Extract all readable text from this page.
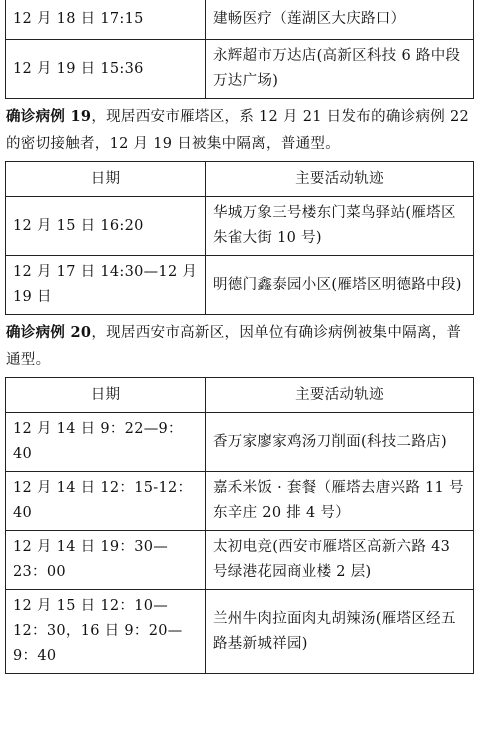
12 月 18 日 17:15	建畅医疗（莲湖区大庆路口）
12 月 19 日 15:36	永辉超市万达店(高新区科技 6 路中段万达广场)

确诊病例 19，现居西安市雁塔区，系 12 月 21 日发布的确诊病例 22 的密切接触者，12 月 19 日被集中隔离，普通型。

日期	主要活动轨迹
12 月 15 日 16:20	华城万象三号楼东门菜鸟驿站(雁塔区朱雀大街 10 号)
12 月 17 日 14:30—12 月 19 日	明德门鑫泰园小区(雁塔区明德路中段)

确诊病例 20，现居西安市高新区，因单位有确诊病例被集中隔离，普通型。

日期	主要活动轨迹
12 月 14 日 9：22—9：40	香万家廖家鸡汤刀削面(科技二路店)
12 月 14 日 12：15-12：40	嘉禾米饭 · 套餐（雁塔去唐兴路 11 号东辛庄 20 排 4 号）
12 月 14 日 19：30—23：00	太初电竞(西安市雁塔区高新六路 43 号绿港花园商业楼 2 层)
12 月 15 日 12：10—12：30，16 日 9：20—9：40	兰州牛肉拉面肉丸胡辣汤(雁塔区经五路基新城祥园)
